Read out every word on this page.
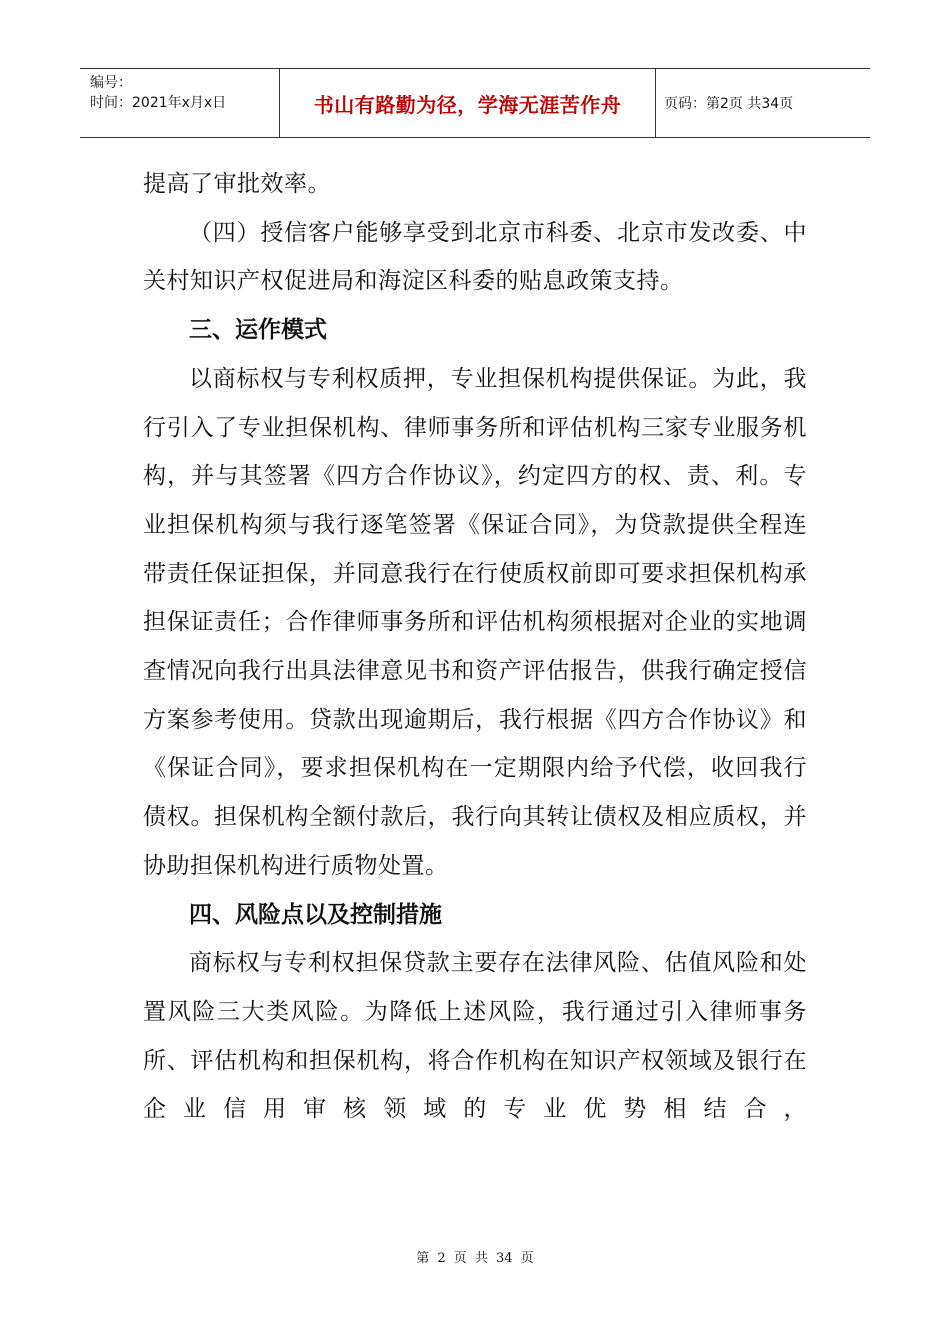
编号：
时间：2021年x月x日	书山有路勤为径，学海无涯苦作舟	页码：第2页 共34页

提高了审批效率。

（四）授信客户能够享受到北京市科委、北京市发改委、中关村知识产权促进局和海淀区科委的贴息政策支持。

三、运作模式

以商标权与专利权质押，专业担保机构提供保证。为此，我行引入了专业担保机构、律师事务所和评估机构三家专业服务机构，并与其签署《四方合作协议》，约定四方的权、责、利。专业担保机构须与我行逐笔签署《保证合同》，为贷款提供全程连带责任保证担保，并同意我行在行使质权前即可要求担保机构承担保证责任；合作律师事务所和评估机构须根据对企业的实地调查情况向我行出具法律意见书和资产评估报告，供我行确定授信方案参考使用。贷款出现逾期后，我行根据《四方合作协议》和《保证合同》，要求担保机构在一定期限内给予代偿，收回我行债权。担保机构全额付款后，我行向其转让债权及相应质权，并协助担保机构进行质物处置。

四、风险点以及控制措施

商标权与专利权担保贷款主要存在法律风险、估值风险和处置风险三大类风险。为降低上述风险，我行通过引入律师事务所、评估机构和担保机构，将合作机构在知识产权领域及银行在企业信用审核领域的专业优势相结合，

第 2 页 共 34 页
